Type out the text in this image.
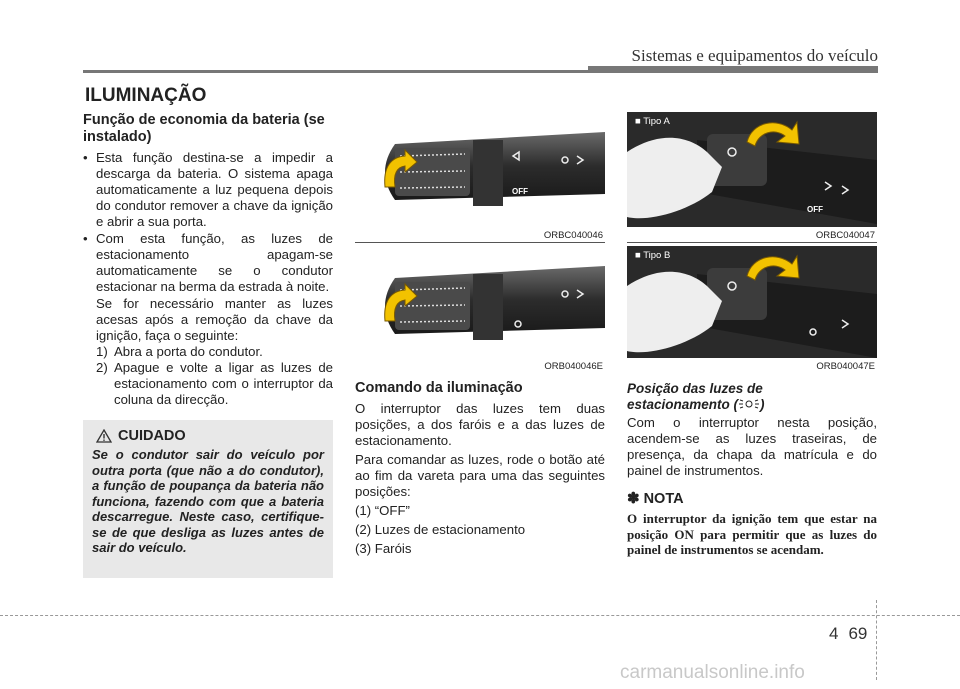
Sistemas e equipamentos do veículo
ILUMINAÇÃO
Função de economia da bateria (se instalado)
• Esta função destina-se a impedir a descarga da bateria. O sistema apaga automaticamente a luz pequena depois do condutor remover a chave da ignição e abrir a sua porta.
• Com esta função, as luzes de estacionamento apagam-se automaticamente se o condutor estacionar na berma da estrada à noite.
Se for necessário manter as luzes acesas após a remoção da chave da ignição, faça o seguinte:
1) Abra a porta do condutor.
2) Apague e volte a ligar as luzes de estacionamento com o interruptor da coluna da direcção.
CUIDADO
Se o condutor sair do veículo por outra porta (que não a do condutor), a função de poupança da bateria não funciona, fazendo com que a bateria descarregue. Neste caso, certifique-se de que desliga as luzes antes de sair do veículo.
■ Tipo A
3
2
1	OFF
ORBC040046
■ Tipo B
3
2
1
ORB040046E
Comando da iluminação
O interruptor das luzes tem duas posições, a dos faróis e a das luzes de estacionamento.
Para comandar as luzes, rode o botão até ao fim da vareta para uma das seguintes posições:
(1) “OFF”
(2) Luzes de estacionamento
(3) Faróis
■ Tipo A
OFF
ORBC040047
■ Tipo B
ORB040047E
Posição das luzes de
estacionamento ( )
Com o interruptor nesta posição, acendem-se as luzes traseiras, de presença, da chapa da matrícula e do painel de instrumentos.
✽ NOTA
O interruptor da ignição tem que estar na posição ON para permitir que as luzes do painel de instrumentos se acendam.
4 69
carmanualsonline.info
